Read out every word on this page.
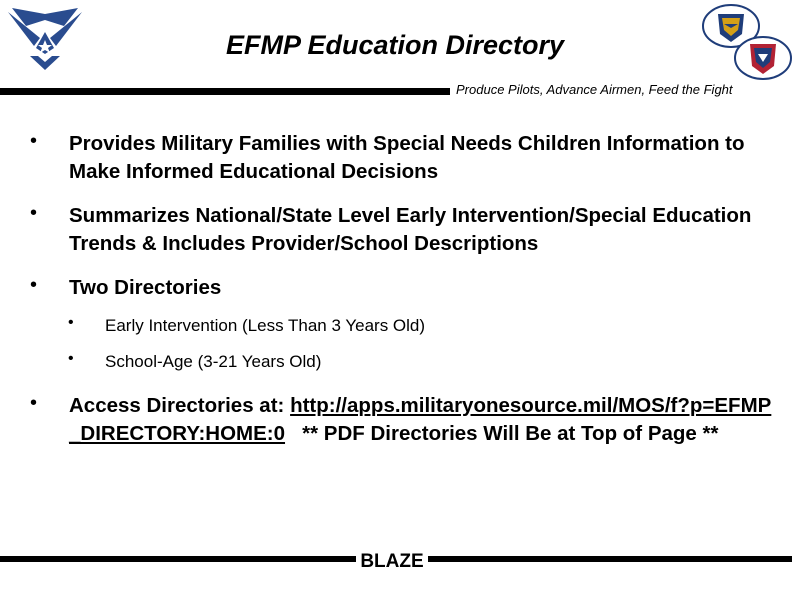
EFMP Education Directory
Produce Pilots, Advance Airmen, Feed the Fight
• Provides Military Families with Special Needs Children Information to Make Informed Educational Decisions
• Summarizes National/State Level Early Intervention/Special Education Trends & Includes Provider/School Descriptions
• Two Directories
• Early Intervention (Less Than 3 Years Old)
• School-Age (3-21 Years Old)
• Access Directories at: http://apps.militaryonesource.mil/MOS/f?p=EFMP_DIRECTORY:HOME:0 ** PDF Directories Will Be at Top of Page **
BLAZE
